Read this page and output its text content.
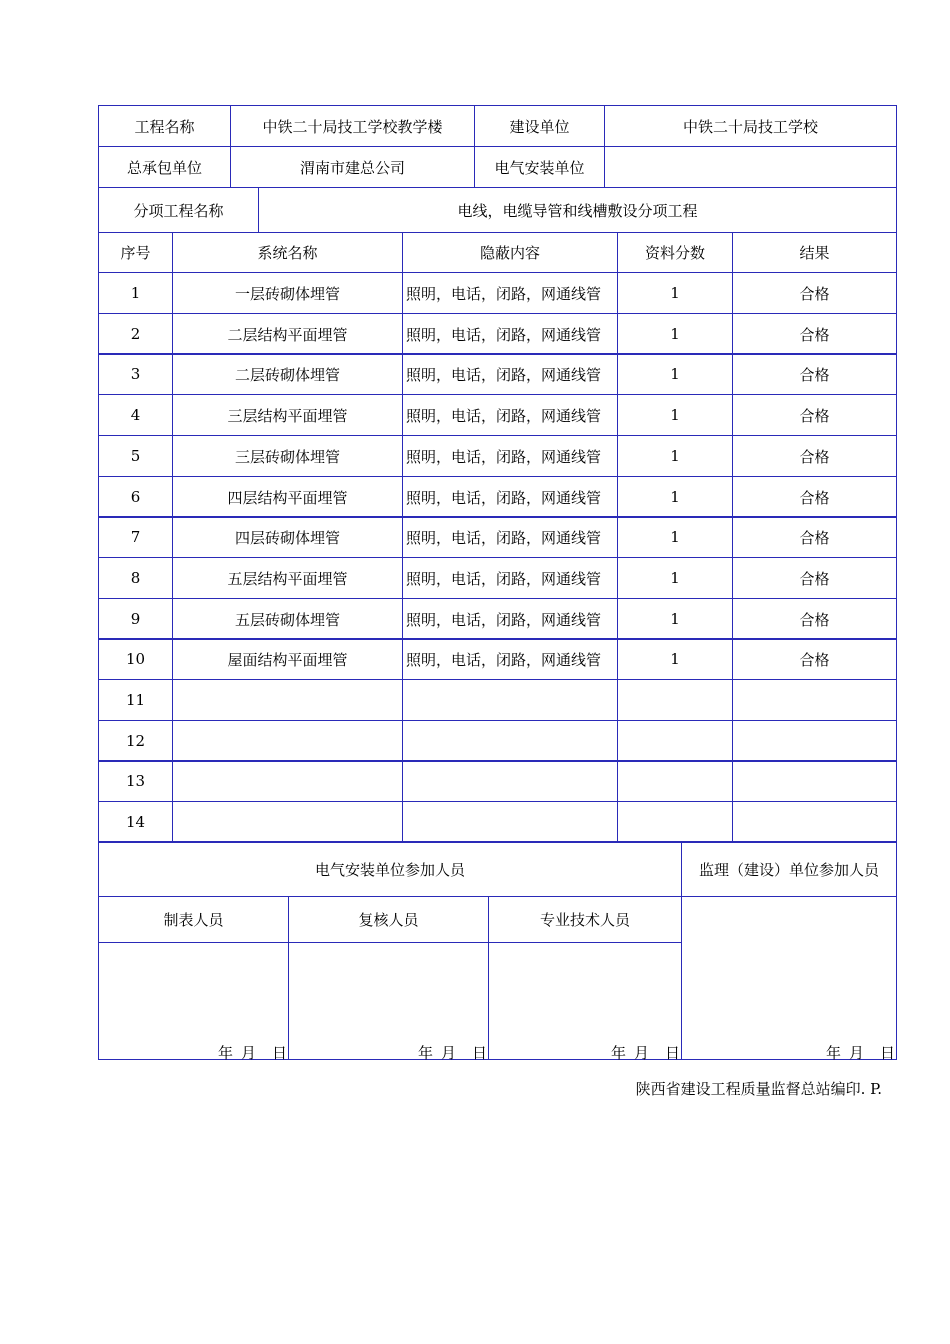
工程名称	中铁二十局技工学校教学楼	建设单位	中铁二十局技工学校
总承包单位	渭南市建总公司	电气安装单位
分项工程名称	电线，电缆导管和线槽敷设分项工程
序号	系统名称	隐蔽内容	资料分数	结果
1	一层砖砌体埋管	照明，电话，闭路，网通线管	1	合格
2	二层结构平面埋管	照明，电话，闭路，网通线管	1	合格
3	二层砖砌体埋管	照明，电话，闭路，网通线管	1	合格
4	三层结构平面埋管	照明，电话，闭路，网通线管	1	合格
5	三层砖砌体埋管	照明，电话，闭路，网通线管	1	合格
6	四层结构平面埋管	照明，电话，闭路，网通线管	1	合格
7	四层砖砌体埋管	照明，电话，闭路，网通线管	1	合格
8	五层结构平面埋管	照明，电话，闭路，网通线管	1	合格
9	五层砖砌体埋管	照明，电话，闭路，网通线管	1	合格
10	屋面结构平面埋管	照明，电话，闭路，网通线管	1	合格
11
12
13
14
电气安装单位参加人员	监理（建设）单位参加人员
制表人员	复核人员	专业技术人员
年 月 日	年 月 日	年 月 日	年 月 日
陕西省建设工程质量监督总站编印. P.
